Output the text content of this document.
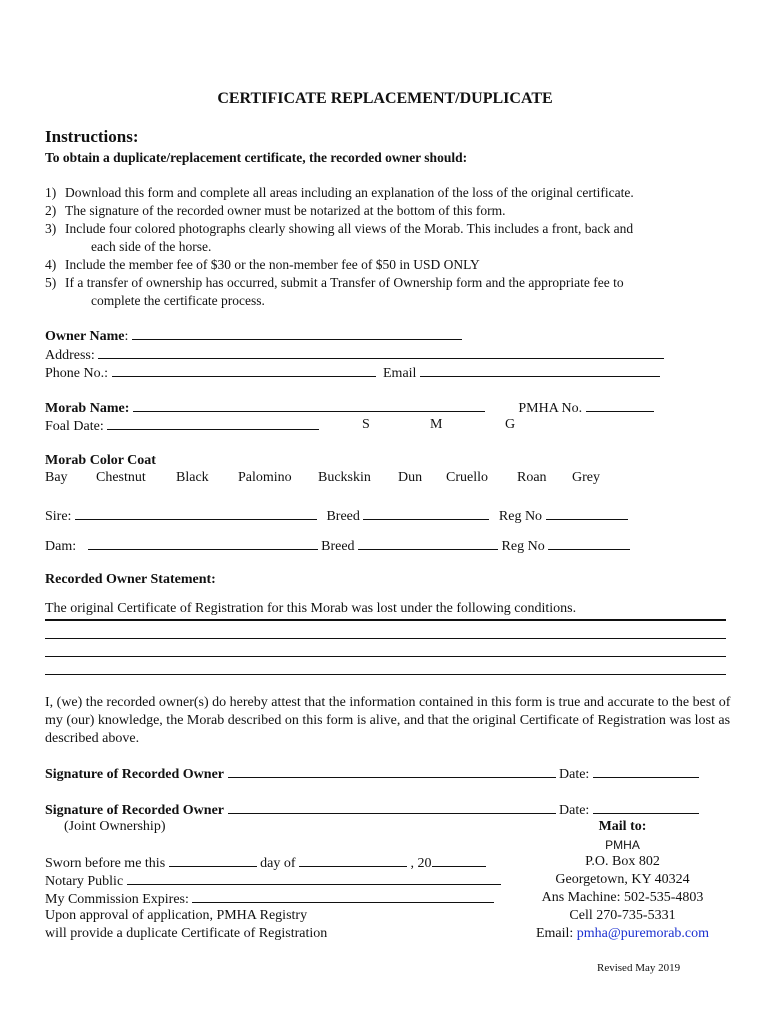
CERTIFICATE REPLACEMENT/DUPLICATE
Instructions:
To obtain a duplicate/replacement certificate, the recorded owner should:
1) Download this form and complete all areas including an explanation of the loss of the original certificate.
2) The signature of the recorded owner must be notarized at the bottom of this form.
3) Include four colored photographs clearly showing all views of the Morab. This includes a front, back and
each side of the horse.
4) Include the member fee of $30 or the non-member fee of $50 in USD ONLY
5) If a transfer of ownership has occurred, submit a Transfer of Ownership form and the appropriate fee to
complete the certificate process.
Owner Name:
Address:
Phone No.:	Email
Morab Name:	PMHA No.
Foal Date:	S	M	G
Morab Color Coat
Bay Chestnut Black Palomino Buckskin Dun Cruello Roan Grey
Sire:	Breed	Reg No
Dam:	Breed	Reg No
Recorded Owner Statement:
The original Certificate of Registration for this Morab was lost under the following conditions.
I, (we) the recorded owner(s) do hereby attest that the information contained in this form is true and accurate to the best of my (our) knowledge, the Morab described on this form is alive, and that the original Certificate of Registration was lost as described above.
Signature of Recorded Owner	Date:
Signature of Recorded Owner	Date:
(Joint Ownership)
Sworn before me this	day of	, 20
Notary Public
My Commission Expires:
Upon approval of application, PMHA Registry
will provide a duplicate Certificate of Registration
Mail to:
PMHA
P.O. Box 802
Georgetown, KY 40324
Ans Machine: 502-535-4803
Cell 270-735-5331
Email: pmha@puremorab.com
Revised May 2019
